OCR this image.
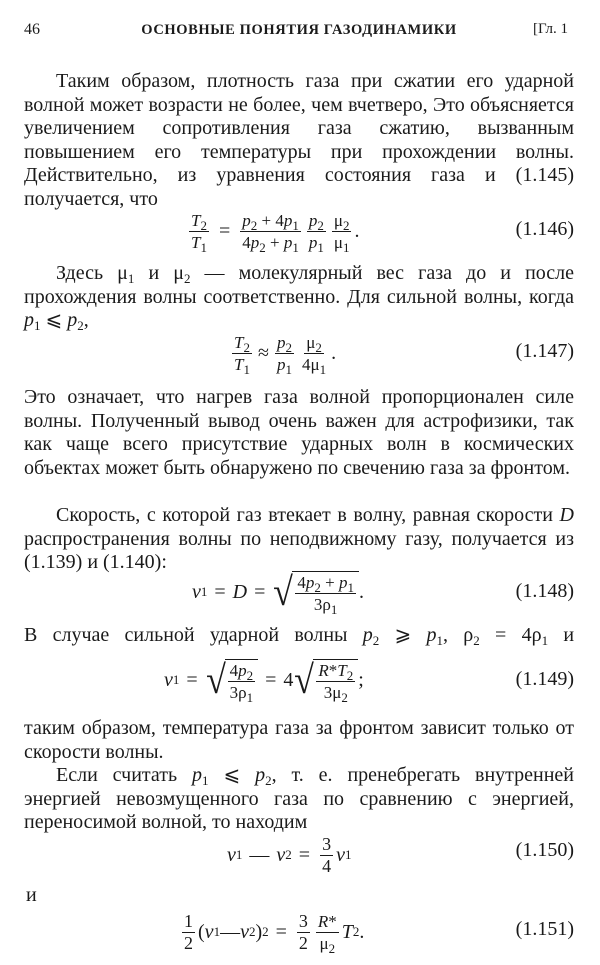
46	ОСНОВНЫЕ ПОНЯТИЯ ГАЗОДИНАМИКИ	[Гл. 1
Таким образом, плотность газа при сжатии его ударной волной может возрасти не более, чем вчетверо, Это объясняется увеличением сопротивления газа сжатию, вызванным повышением его температуры при прохождении волны. Действительно, из уравнения состояния газа и (1.145) получается, что
$\frac{T_2}{T_1} = \frac{p_2 + 4p_1}{4p_2 + p_1} \frac{p_2}{p_1} \frac{\mu_2}{\mu_1}$ .	(1.146)
Здесь $\mu_1$ и $\mu_2$ — молекулярный вес газа до и после прохождения волны соответственно. Для сильной волны, когда $p_1$ ⩽ $p_2$,
$\frac{T_2}{T_1} \approx \frac{p_2}{p_1} \frac{\mu_2}{4\mu_1}$ .	(1.147)
Это означает, что нагрев газа волной пропорционален силе волны. Полученный вывод очень важен для астрофизики, так как чаще всего присутствие ударных волн в космических объектах может быть обнаружено по свечению газа за фронтом.
Скорость, с которой газ втекает в волну, равная скорости D распространения волны по неподвижному газу, получается из (1.139) и (1.140):
v 1 = D = √ $\frac{4p_2 + p_1}{3\rho_1}$ .	(1.148)
В случае сильной ударной волны $p_2$ ⩾ $p_1$, $\rho_2 = 4\rho_1$ и
v 1 = √ $\frac{4p_2}{3\rho_1} = 4$ √ $\frac{R*T_2}{3\mu_2}$ ;	(1.149)
таким образом, температура газа за фронтом зависит только от скорости волны.
Если считать $p_1$ ⩽ $p_2$, т. е. пренебрегать внутренней энергией невозмущенного газа по сравнению с энергией, переносимой волной, то находим
v 1 — v $2 = \frac{3}{4}$ v 1	(1.150)
и
$\frac{1}{2}$ ( v 1 — v 2 ) $2 = \frac{3}{2} \frac{R*}{\mu_2}$ T 2 .	(1.151)
